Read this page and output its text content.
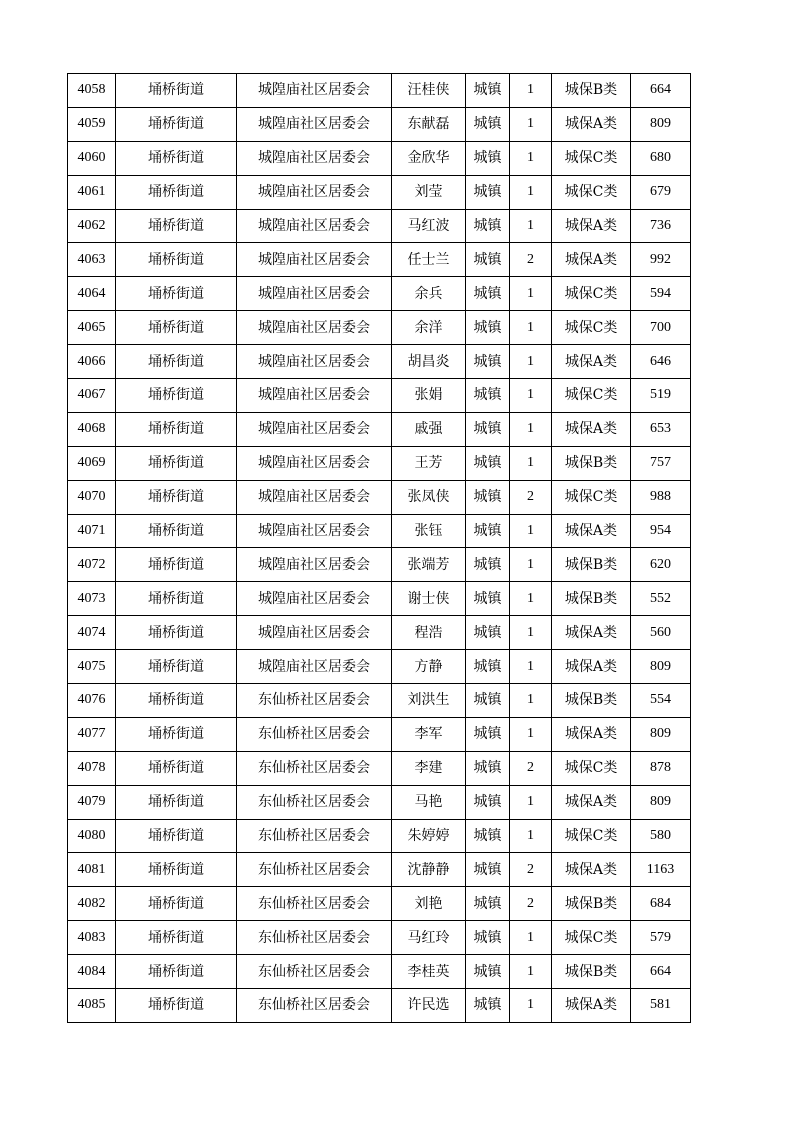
4058	埇桥街道	城隍庙社区居委会	汪桂侠	城镇	1	城保B类	664
4059	埇桥街道	城隍庙社区居委会	东献磊	城镇	1	城保A类	809
4060	埇桥街道	城隍庙社区居委会	金欣华	城镇	1	城保C类	680
4061	埇桥街道	城隍庙社区居委会	刘莹	城镇	1	城保C类	679
4062	埇桥街道	城隍庙社区居委会	马红波	城镇	1	城保A类	736
4063	埇桥街道	城隍庙社区居委会	任士兰	城镇	2	城保A类	992
4064	埇桥街道	城隍庙社区居委会	余兵	城镇	1	城保C类	594
4065	埇桥街道	城隍庙社区居委会	余洋	城镇	1	城保C类	700
4066	埇桥街道	城隍庙社区居委会	胡昌炎	城镇	1	城保A类	646
4067	埇桥街道	城隍庙社区居委会	张娟	城镇	1	城保C类	519
4068	埇桥街道	城隍庙社区居委会	戚强	城镇	1	城保A类	653
4069	埇桥街道	城隍庙社区居委会	王芳	城镇	1	城保B类	757
4070	埇桥街道	城隍庙社区居委会	张凤侠	城镇	2	城保C类	988
4071	埇桥街道	城隍庙社区居委会	张钰	城镇	1	城保A类	954
4072	埇桥街道	城隍庙社区居委会	张端芳	城镇	1	城保B类	620
4073	埇桥街道	城隍庙社区居委会	谢士侠	城镇	1	城保B类	552
4074	埇桥街道	城隍庙社区居委会	程浩	城镇	1	城保A类	560
4075	埇桥街道	城隍庙社区居委会	方静	城镇	1	城保A类	809
4076	埇桥街道	东仙桥社区居委会	刘洪生	城镇	1	城保B类	554
4077	埇桥街道	东仙桥社区居委会	李军	城镇	1	城保A类	809
4078	埇桥街道	东仙桥社区居委会	李建	城镇	2	城保C类	878
4079	埇桥街道	东仙桥社区居委会	马艳	城镇	1	城保A类	809
4080	埇桥街道	东仙桥社区居委会	朱婷婷	城镇	1	城保C类	580
4081	埇桥街道	东仙桥社区居委会	沈静静	城镇	2	城保A类	1163
4082	埇桥街道	东仙桥社区居委会	刘艳	城镇	2	城保B类	684
4083	埇桥街道	东仙桥社区居委会	马红玲	城镇	1	城保C类	579
4084	埇桥街道	东仙桥社区居委会	李桂英	城镇	1	城保B类	664
4085	埇桥街道	东仙桥社区居委会	许民选	城镇	1	城保A类	581
